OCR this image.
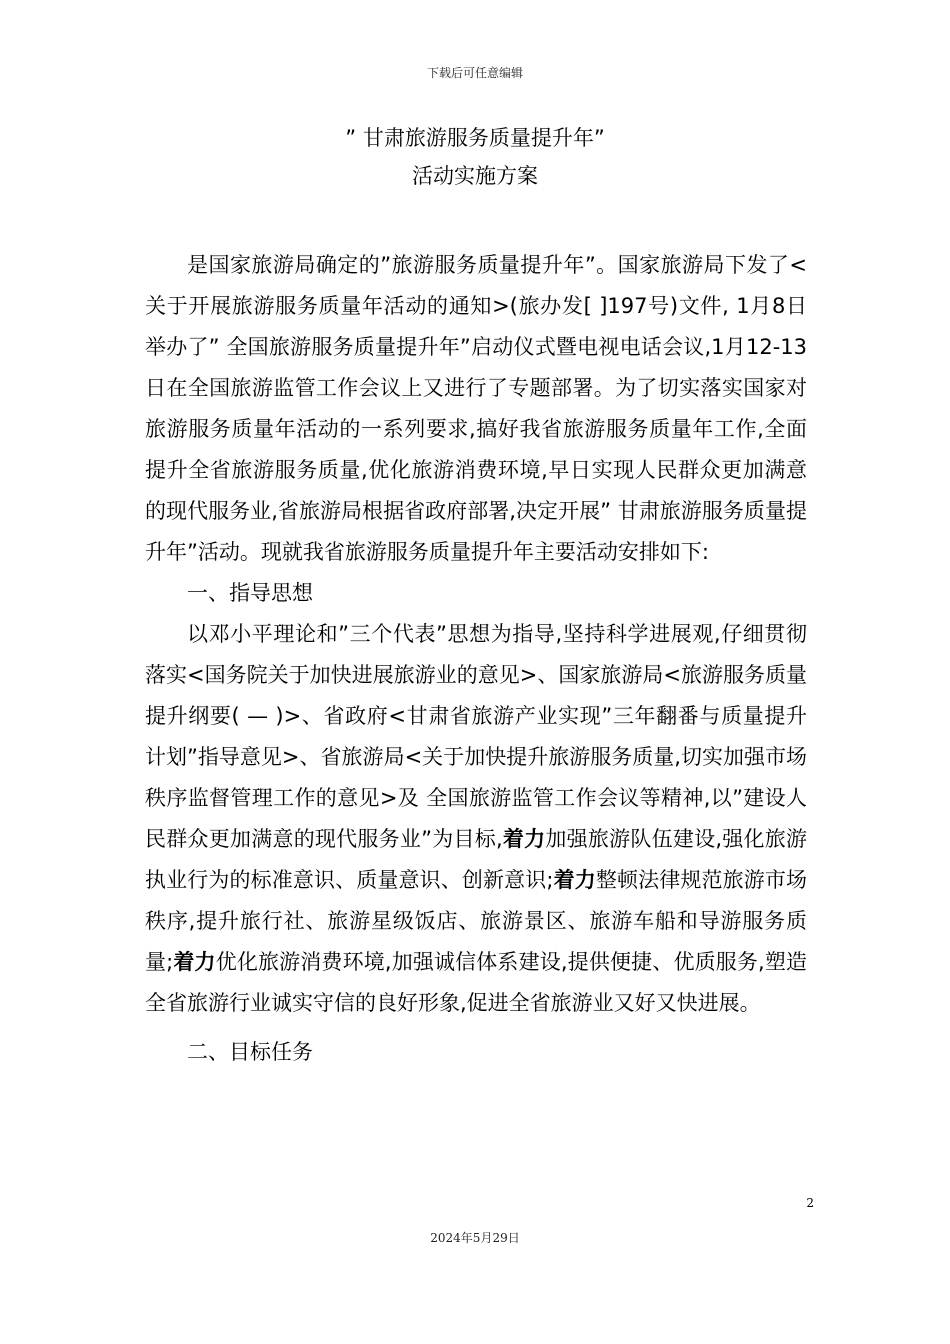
下载后可任意编辑
” 甘肃旅游服务质量提升年”
活动实施方案

是国家旅游局确定的”旅游服务质量提升年”。国家旅游局下发了<关于开展旅游服务质量年活动的通知>(旅办发[ ]197号)文件, 1月8日举办了” 全国旅游服务质量提升年”启动仪式暨电视电话会议,1月12-13日在全国旅游监管工作会议上又进行了专题部署。为了切实落实国家对旅游服务质量年活动的一系列要求,搞好我省旅游服务质量年工作,全面提升全省旅游服务质量,优化旅游消费环境,早日实现人民群众更加满意的现代服务业,省旅游局根据省政府部署,决定开展” 甘肃旅游服务质量提升年”活动。现就我省旅游服务质量提升年主要活动安排如下:

一、指导思想

以邓小平理论和”三个代表”思想为指导,坚持科学进展观,仔细贯彻落实<国务院关于加快进展旅游业的意见>、国家旅游局<旅游服务质量提升纲要( — )>、省政府<甘肃省旅游产业实现”三年翻番与质量提升计划”指导意见>、省旅游局<关于加快提升旅游服务质量,切实加强市场秩序监督管理工作的意见>及 全国旅游监管工作会议等精神,以”建设人民群众更加满意的现代服务业”为目标,着力加强旅游队伍建设,强化旅游执业行为的标准意识、质量意识、创新意识;着力整顿法律规范旅游市场秩序,提升旅行社、旅游星级饭店、旅游景区、旅游车船和导游服务质量;着力优化旅游消费环境,加强诚信体系建设,提供便捷、优质服务,塑造全省旅游行业诚实守信的良好形象,促进全省旅游业又好又快进展。

二、目标任务

2
2024年5月29日
